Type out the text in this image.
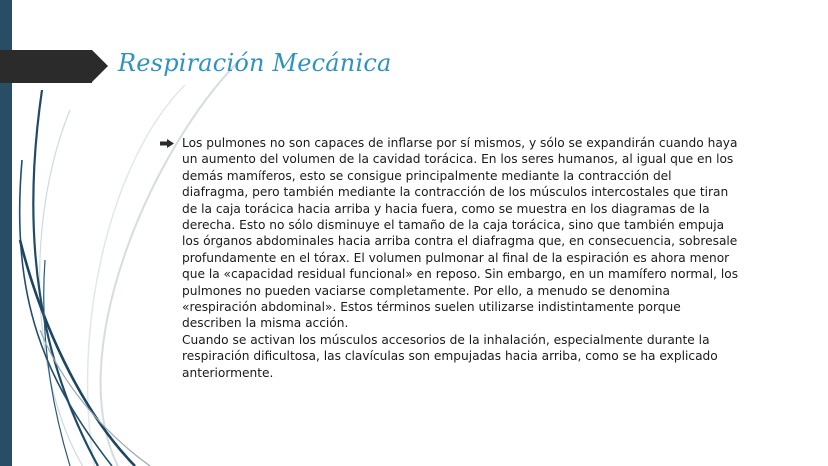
Respiración Mecánica

Los pulmones no son capaces de inflarse por sí mismos, y sólo se expandirán cuando haya un aumento del volumen de la cavidad torácica. En los seres humanos, al igual que en los demás mamíferos, esto se consigue principalmente mediante la contracción del diafragma, pero también mediante la contracción de los músculos intercostales que tiran de la caja torácica hacia arriba y hacia fuera, como se muestra en los diagramas de la derecha. Esto no sólo disminuye el tamaño de la caja torácica, sino que también empuja los órganos abdominales hacia arriba contra el diafragma que, en consecuencia, sobresale profundamente en el tórax. El volumen pulmonar al final de la espiración es ahora menor que la «capacidad residual funcional» en reposo. Sin embargo, en un mamífero normal, los pulmones no pueden vaciarse completamente. Por ello, a menudo se denomina «respiración abdominal». Estos términos suelen utilizarse indistintamente porque describen la misma acción.

Cuando se activan los músculos accesorios de la inhalación, especialmente durante la respiración dificultosa, las clavículas son empujadas hacia arriba, como se ha explicado anteriormente.
